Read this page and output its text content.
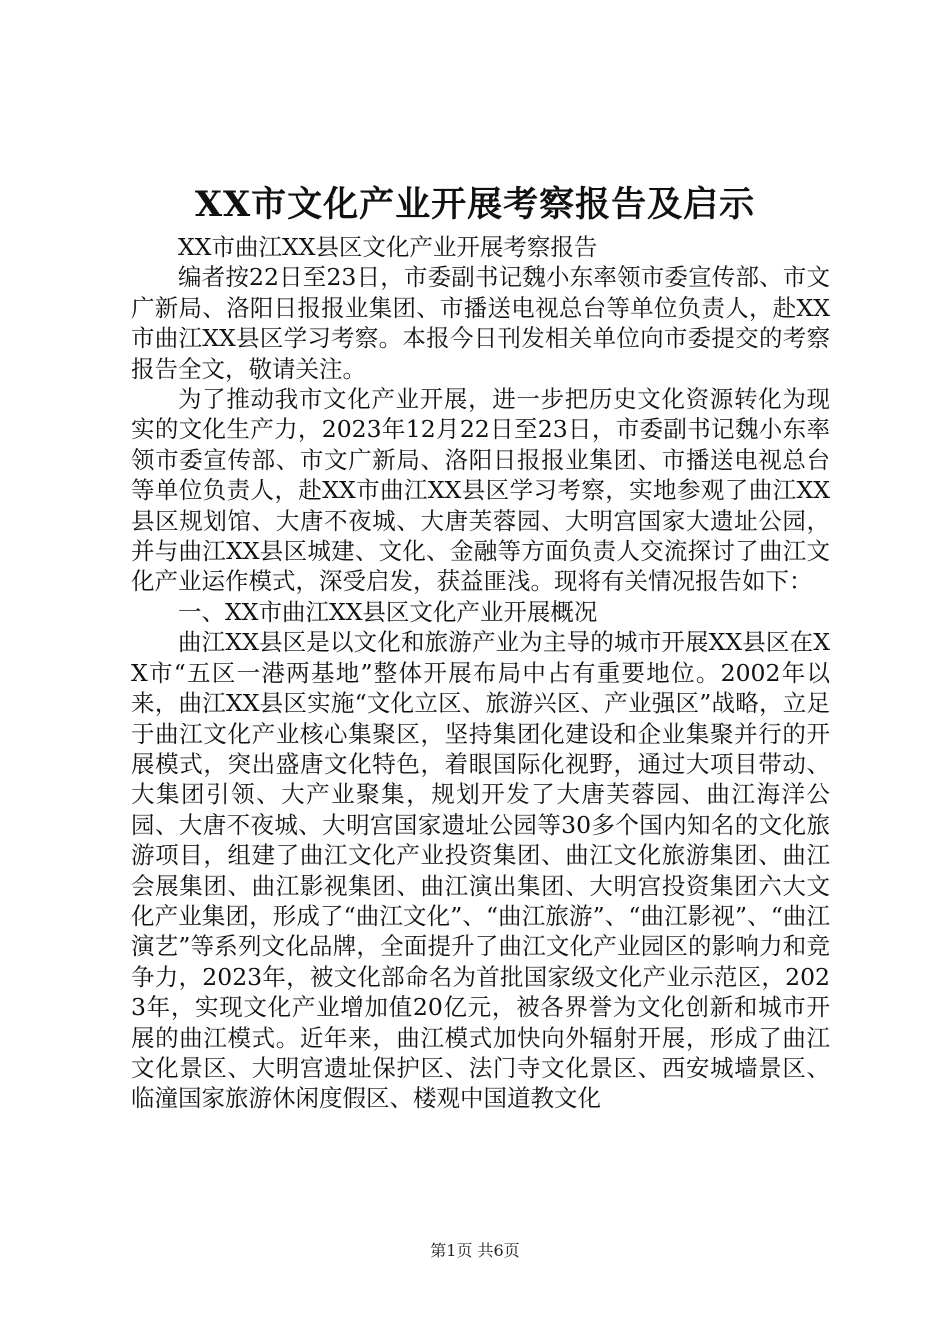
XX市文化产业开展考察报告及启示

XX市曲江XX县区文化产业开展考察报告

编者按22日至23日，市委副书记魏小东率领市委宣传部、市文广新局、洛阳日报报业集团、市播送电视总台等单位负责人，赴XX市曲江XX县区学习考察。本报今日刊发相关单位向市委提交的考察报告全文，敬请关注。

为了推动我市文化产业开展，进一步把历史文化资源转化为现实的文化生产力，2023年12月22日至23日，市委副书记魏小东率领市委宣传部、市文广新局、洛阳日报报业集团、市播送电视总台等单位负责人，赴XX市曲江XX县区学习考察，实地参观了曲江XX县区规划馆、大唐不夜城、大唐芙蓉园、大明宫国家大遗址公园，并与曲江XX县区城建、文化、金融等方面负责人交流探讨了曲江文化产业运作模式，深受启发，获益匪浅。现将有关情况报告如下：

一、XX市曲江XX县区文化产业开展概况

曲江XX县区是以文化和旅游产业为主导的城市开展XX县区在XX市“五区一港两基地”整体开展布局中占有重要地位。2002年以来，曲江XX县区实施“文化立区、旅游兴区、产业强区”战略，立足于曲江文化产业核心集聚区，坚持集团化建设和企业集聚并行的开展模式，突出盛唐文化特色，着眼国际化视野，通过大项目带动、大集团引领、大产业聚集，规划开发了大唐芙蓉园、曲江海洋公园、大唐不夜城、大明宫国家遗址公园等30多个国内知名的文化旅游项目，组建了曲江文化产业投资集团、曲江文化旅游集团、曲江会展集团、曲江影视集团、曲江演出集团、大明宫投资集团六大文化产业集团，形成了“曲江文化”、“曲江旅游”、“曲江影视”、“曲江演艺”等系列文化品牌，全面提升了曲江文化产业园区的影响力和竞争力，2023年，被文化部命名为首批国家级文化产业示范区，2023年，实现文化产业增加值20亿元，被各界誉为文化创新和城市开展的曲江模式。近年来，曲江模式加快向外辐射开展，形成了曲江文化景区、大明宫遗址保护区、法门寺文化景区、西安城墙景区、临潼国家旅游休闲度假区、楼观中国道教文化

第1页 共6页
